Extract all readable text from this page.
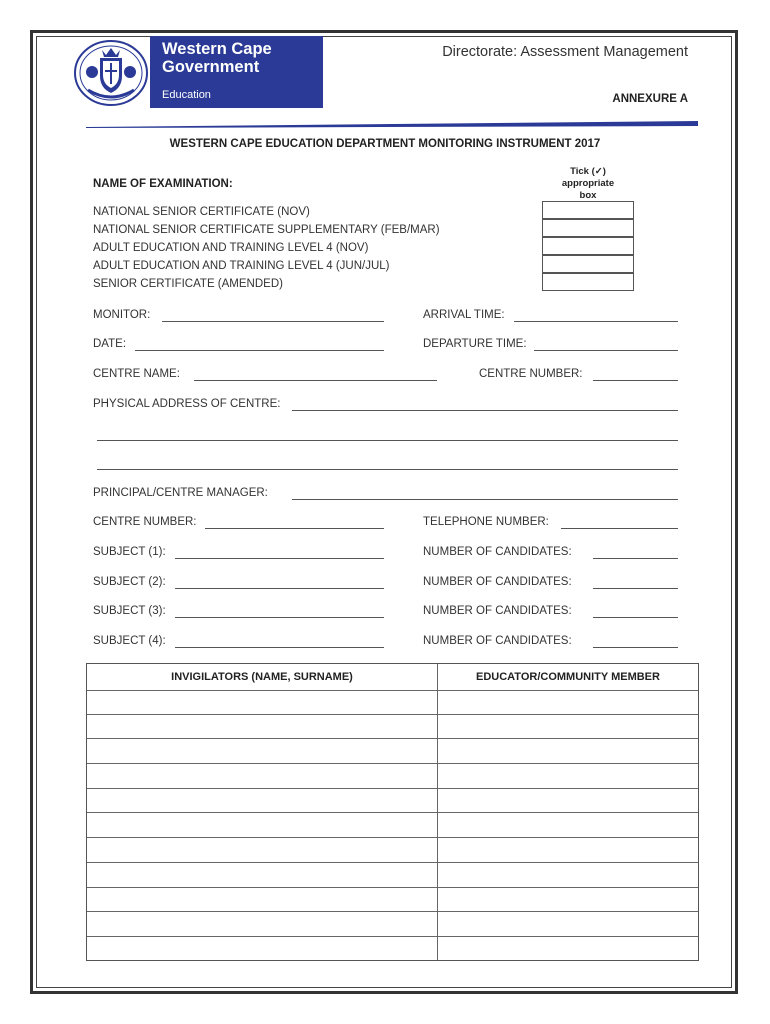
Western Cape
Government
Education
Directorate: Assessment Management
ANNEXURE A
WESTERN CAPE EDUCATION DEPARTMENT MONITORING INSTRUMENT 2017
NAME OF EXAMINATION:
Tick (✓)
appropriate
box
NATIONAL SENIOR CERTIFICATE (NOV)
NATIONAL SENIOR CERTIFICATE SUPPLEMENTARY (FEB/MAR)
ADULT EDUCATION AND TRAINING LEVEL 4 (NOV)
ADULT EDUCATION AND TRAINING LEVEL 4 (JUN/JUL)
SENIOR CERTIFICATE (AMENDED)
MONITOR:	ARRIVAL TIME:
DATE:	DEPARTURE TIME:
CENTRE NAME:	CENTRE NUMBER:
PHYSICAL ADDRESS OF CENTRE:
PRINCIPAL/CENTRE MANAGER:
CENTRE NUMBER:	TELEPHONE NUMBER:
SUBJECT (1):	NUMBER OF CANDIDATES:
SUBJECT (2):	NUMBER OF CANDIDATES:
SUBJECT (3):	NUMBER OF CANDIDATES:
SUBJECT (4):	NUMBER OF CANDIDATES:
INVIGILATORS (NAME, SURNAME)	EDUCATOR/COMMUNITY MEMBER
